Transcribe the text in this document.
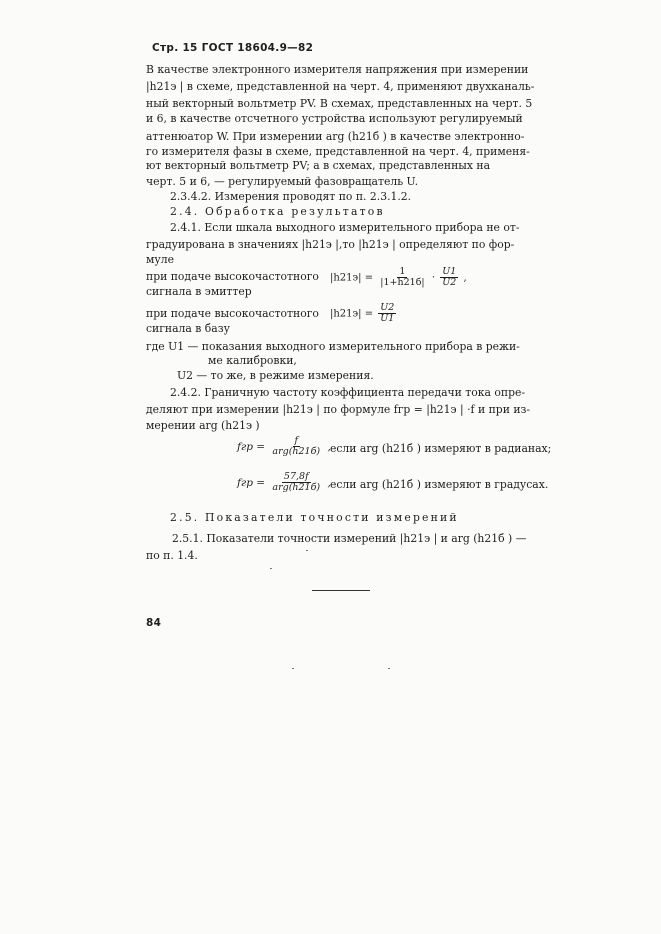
Стр. 15 ГОСТ 18604.9—82
В качестве электронного измерителя напряжения при измерении
|h21э | в схеме, представленной на черт. 4, применяют двухканаль-
ный векторный вольтметр PV. В схемах, представленных на черт. 5
и 6, в качестве отсчетного устройства используют регулируемый
аттенюатор W. При измерении arg (h21б ) в качестве электронно-
го измерителя фазы в схеме, представленной на черт. 4, применя-
ют векторный вольтметр PV; а в схемах, представленных на
черт. 5 и 6, — регулируемый фазовращатель U.
2.3.4.2. Измерения проводят по п. 2.3.1.2.
2.4. Обработка результатов
2.4.1. Если шкала выходного измерительного прибора не от-
градуирована в значениях |h21э |,то |h21э | определяют по фор-
муле
при подаче высокочастотного
сигнала в эмиттер
$|h21э| = \frac{1}{|1+h21б|} \cdot \frac{U1}{U2}$ ,
при подаче высокочастотного
сигнала в базу
$|h21э| = \frac{U2}{U1}$
где U1 — показания выходного измерительного прибора в режи-
ме калибровки,
U2 — то же, в режиме измерения.
2.4.2. Граничную частоту коэффициента передачи тока опре-
деляют при измерении |h21э | по формуле fгр = |h21э | ·f и при из-
мерении arg (h21э )
fгр = $\frac{f}{\text{arg(h21б)}}$ , если arg (h21б ) измеряют в радианах;
fгр = $\frac{57,8f}{\text{arg(h21б)}}$ , если arg (h21б ) измеряют в градусах.
2.5. Показатели точности измерений
2.5.1. Показатели точности измерений |h21э | и arg (h21б ) —
по п. 1.4.
84
